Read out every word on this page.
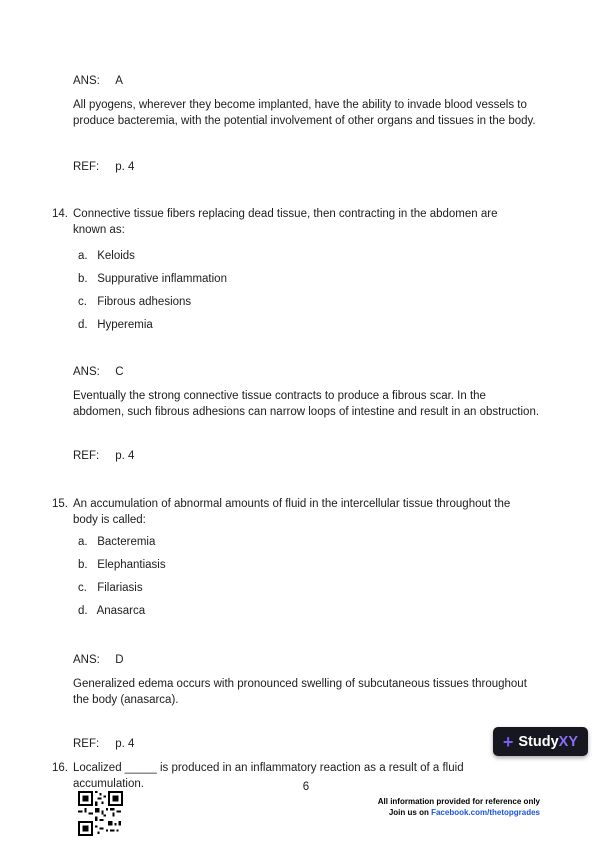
ANS: A

All pyogens, wherever they become implanted, have the ability to invade blood vessels to produce bacteremia, with the potential involvement of other organs and tissues in the body.

REF: p. 4
14. Connective tissue fibers replacing dead tissue, then contracting in the abdomen are known as:
a. Keloids
b. Suppurative inflammation
c. Fibrous adhesions
d. Hyperemia
ANS: C

Eventually the strong connective tissue contracts to produce a fibrous scar. In the abdomen, such fibrous adhesions can narrow loops of intestine and result in an obstruction.

REF: p. 4
15. An accumulation of abnormal amounts of fluid in the intercellular tissue throughout the body is called:
a. Bacteremia
b. Elephantiasis
c. Filariasis
d. Anasarca
ANS: D

Generalized edema occurs with pronounced swelling of subcutaneous tissues throughout the body (anasarca).

REF: p. 4	+ Study XY
16. Localized _____ is produced in an inflammatory reaction as a result of a fluid accumulation.	6
All information provided for reference only
Join us on Facebook.com/thetopgrades
